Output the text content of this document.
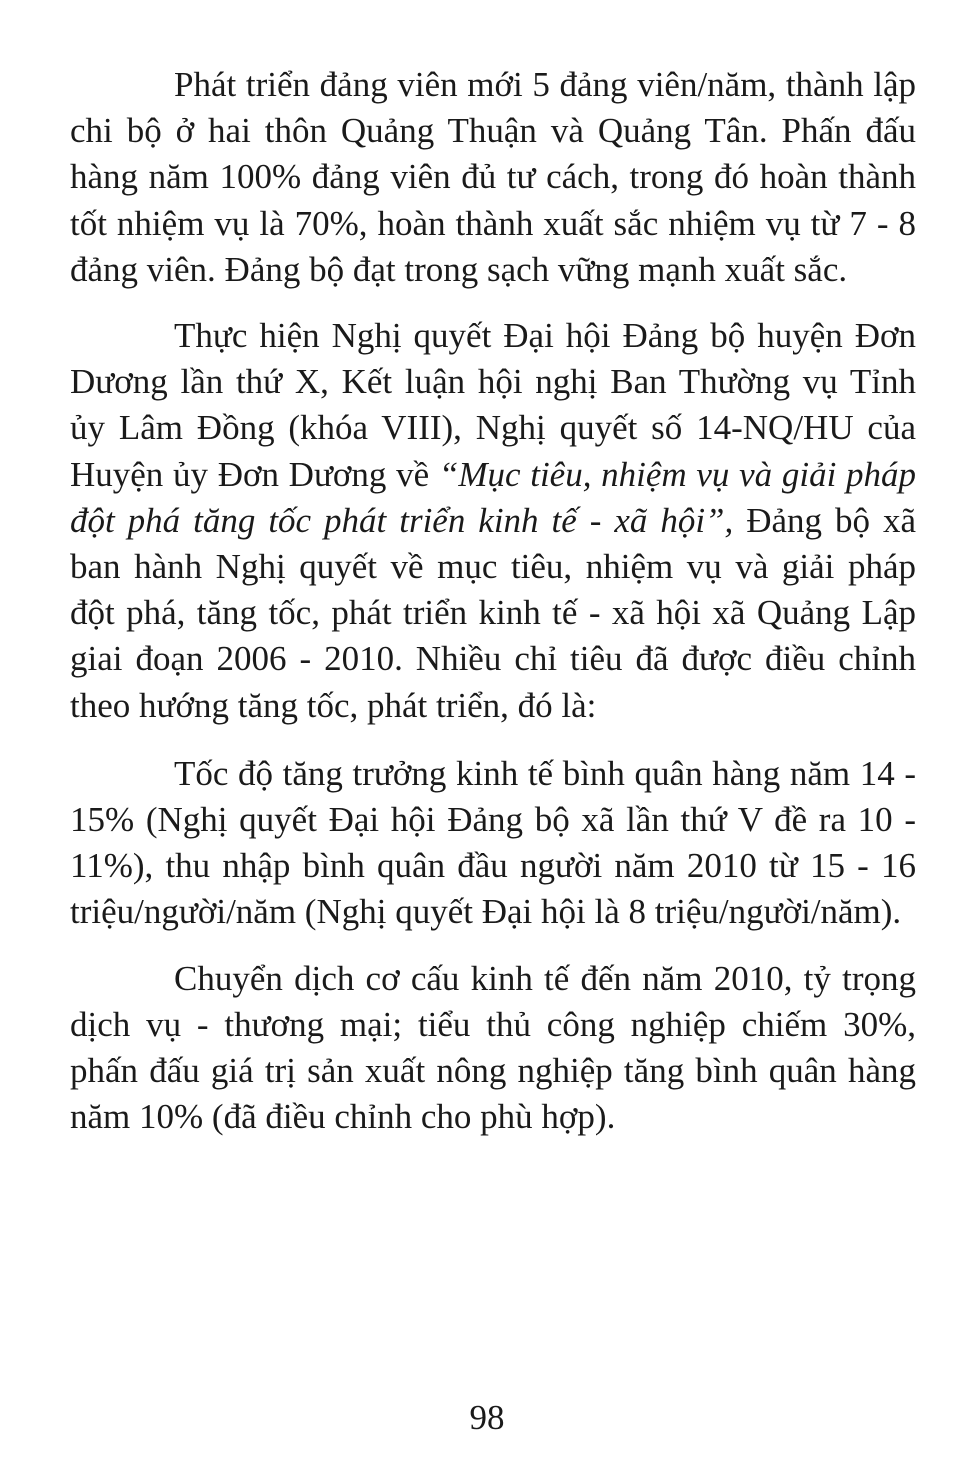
Phát triển đảng viên mới 5 đảng viên/năm, thành lập chi bộ ở hai thôn Quảng Thuận và Quảng Tân. Phấn đấu hàng năm 100% đảng viên đủ tư cách, trong đó hoàn thành tốt nhiệm vụ là 70%, hoàn thành xuất sắc nhiệm vụ từ 7 - 8 đảng viên. Đảng bộ đạt trong sạch vững mạnh xuất sắc.

Thực hiện Nghị quyết Đại hội Đảng bộ huyện Đơn Dương lần thứ X, Kết luận hội nghị Ban Thường vụ Tỉnh ủy Lâm Đồng (khóa VIII), Nghị quyết số 14-NQ/HU của Huyện ủy Đơn Dương về “Mục tiêu, nhiệm vụ và giải pháp đột phá tăng tốc phát triển kinh tế - xã hội”, Đảng bộ xã ban hành Nghị quyết về mục tiêu, nhiệm vụ và giải pháp đột phá, tăng tốc, phát triển kinh tế - xã hội xã Quảng Lập giai đoạn 2006 - 2010. Nhiều chỉ tiêu đã được điều chỉnh theo hướng tăng tốc, phát triển, đó là:

Tốc độ tăng trưởng kinh tế bình quân hàng năm 14 - 15% (Nghị quyết Đại hội Đảng bộ xã lần thứ V đề ra 10 - 11%), thu nhập bình quân đầu người năm 2010 từ 15 - 16 triệu/người/năm (Nghị quyết Đại hội là 8 triệu/người/năm).

Chuyển dịch cơ cấu kinh tế đến năm 2010, tỷ trọng dịch vụ - thương mại; tiểu thủ công nghiệp chiếm 30%, phấn đấu giá trị sản xuất nông nghiệp tăng bình quân hàng năm 10% (đã điều chỉnh cho phù hợp).

98
